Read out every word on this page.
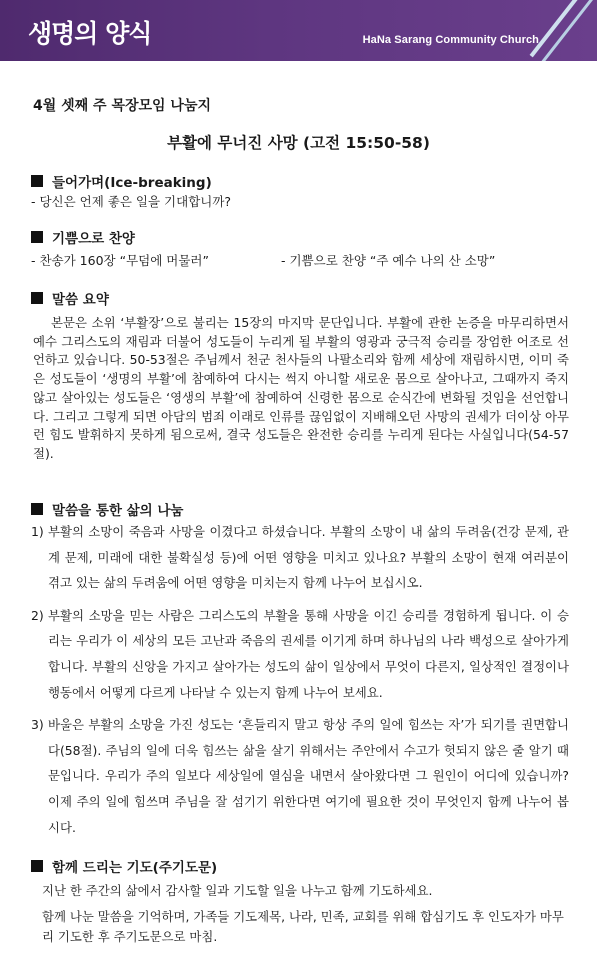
생명의 양식	HaNa Sarang Community Church
4월 셋째 주 목장모임 나눔지
부활에 무너진 사망 (고전 15:50-58)
들어가며(Ice-breaking)
- 당신은 언제 좋은 일을 기대합니까?
기쁨으로 찬양
- 찬송가 160장 “무덤에 머물러”	- 기쁨으로 찬양 “주 예수 나의 산 소망”
말씀 요약
본문은 소위 ‘부활장’으로 불리는 15장의 마지막 문단입니다. 부활에 관한 논증을 마무리하면서 예수 그리스도의 재림과 더불어 성도들이 누리게 될 부활의 영광과 궁극적 승리를 장엄한 어조로 선언하고 있습니다. 50-53절은 주님께서 천군 천사들의 나팔소리와 함께 세상에 재림하시면, 이미 죽은 성도들이 ‘생명의 부활’에 참예하여 다시는 썩지 아니할 새로운 몸으로 살아나고, 그때까지 죽지 않고 살아있는 성도들은 ‘영생의 부활’에 참예하여 신령한 몸으로 순식간에 변화될 것임을 선언합니다. 그리고 그렇게 되면 아담의 범죄 이래로 인류를 끊임없이 지배해오던 사망의 권세가 더이상 아무런 힘도 발휘하지 못하게 됨으로써, 결국 성도들은 완전한 승리를 누리게 된다는 사실입니다(54-57절).
말씀을 통한 삶의 나눔
1) 부활의 소망이 죽음과 사망을 이겼다고 하셨습니다. 부활의 소망이 내 삶의 두려움(건강 문제, 관계 문제, 미래에 대한 불확실성 등)에 어떤 영향을 미치고 있나요? 부활의 소망이 현재 여러분이 겪고 있는 삶의 두려움에 어떤 영향을 미치는지 함께 나누어 보십시오.
2) 부활의 소망을 믿는 사람은 그리스도의 부활을 통해 사망을 이긴 승리를 경험하게 됩니다. 이 승리는 우리가 이 세상의 모든 고난과 죽음의 권세를 이기게 하며 하나님의 나라 백성으로 살아가게 합니다. 부활의 신앙을 가지고 살아가는 성도의 삶이 일상에서 무엇이 다른지, 일상적인 결정이나 행동에서 어떻게 다르게 나타날 수 있는지 함께 나누어 보세요.
3) 바울은 부활의 소망을 가진 성도는 ‘흔들리지 말고 항상 주의 일에 힘쓰는 자’가 되기를 권면합니다(58절). 주님의 일에 더욱 힘쓰는 삶을 살기 위해서는 주안에서 수고가 헛되지 않은 줄 알기 때문입니다. 우리가 주의 일보다 세상일에 열심을 내면서 살아왔다면 그 원인이 어디에 있습니까? 이제 주의 일에 힘쓰며 주님을 잘 섬기기 위한다면 여기에 필요한 것이 무엇인지 함께 나누어 봅시다.
함께 드리는 기도(주기도문)
지난 한 주간의 삶에서 감사할 일과 기도할 일을 나누고 함께 기도하세요.
함께 나눈 말씀을 기억하며, 가족들 기도제목, 나라, 민족, 교회를 위해 합심기도 후 인도자가 마무리 기도한 후 주기도문으로 마침.
